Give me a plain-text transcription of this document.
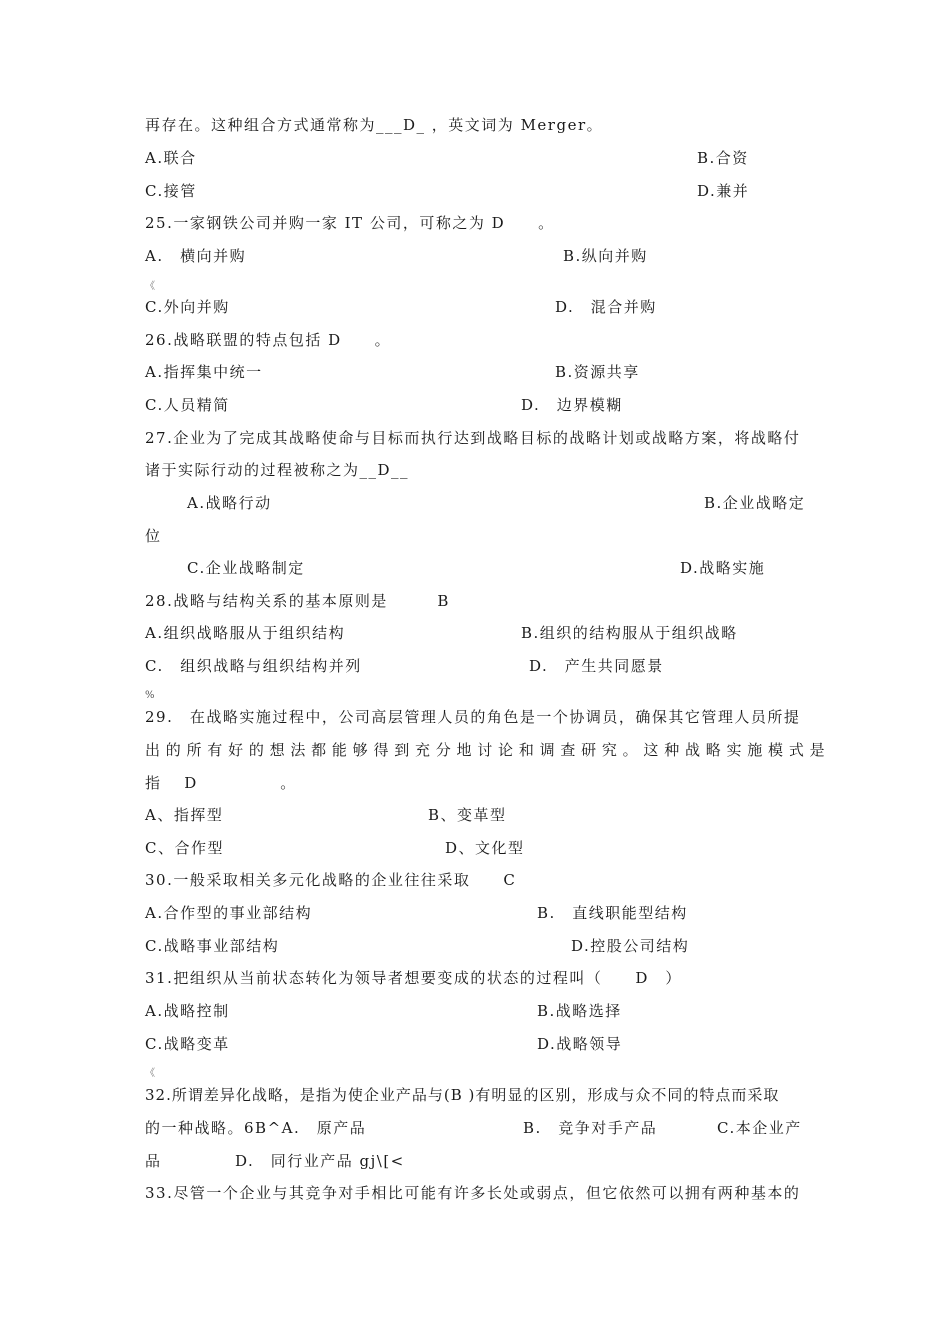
再存在。这种组合方式通常称为___D_ ，英文词为 Merger。
A.联合	B.合资
C.接管	D.兼并
25.一家钢铁公司并购一家 IT 公司，可称之为 D　　。
A.　横向并购	B.纵向并购
《
C.外向并购	D.　混合并购
26.战略联盟的特点包括 D　　。
A.指挥集中统一	B.资源共享
C.人员精简	D.　边界模糊
27.企业为了完成其战略使命与目标而执行达到战略目标的战略计划或战略方案，将战略付
诸于实际行动的过程被称之为__D__
A.战略行动	B.企业战略定
位
C.企业战略制定	D.战略实施
28.战略与结构关系的基本原则是　　　B
A.组织战略服从于组织结构	B.组织的结构服从于组织战略
C.　组织战略与组织结构并列	D.　产生共同愿景
%
29.　在战略实施过程中，公司高层管理人员的角色是一个协调员，确保其它管理人员所提
出 的 所 有 好 的 想 法 都 能 够 得 到 充 分 地 讨 论 和 调 查 研 究 。 这 种 战 略 实 施 模 式 是
指　 D　　　　　。
A、指挥型	B、变革型
C、合作型	D、文化型
30.一般采取相关多元化战略的企业往往采取　　C
A.合作型的事业部结构	B.　直线职能型结构
C.战略事业部结构	D.控股公司结构
31.把组织从当前状态转化为领导者想要变成的状态的过程叫（　　D　）
A.战略控制	B.战略选择
C.战略变革	D.战略领导
《
32.所谓差异化战略，是指为使企业产品与(B )有明显的区别，形成与众不同的特点而采取
的一种战略。6B^A.　原产品	B.　竞争对手产品	C.本企业产
品	D.　同行业产品 gj\[<
33.尽管一个企业与其竞争对手相比可能有许多长处或弱点，但它依然可以拥有两种基本的
